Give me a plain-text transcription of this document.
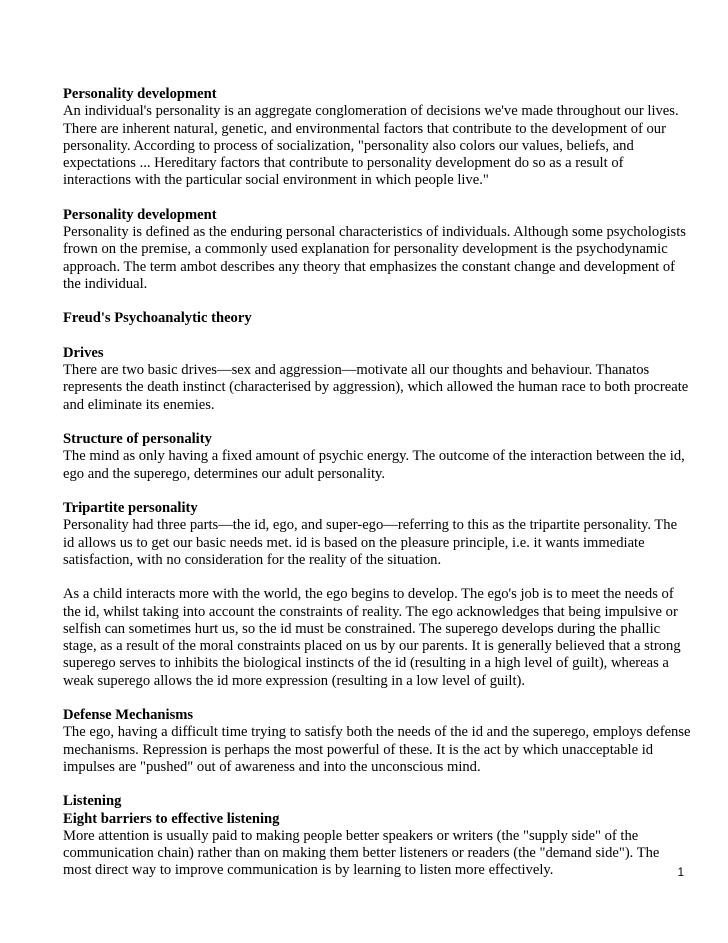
Personality development
An individual's personality is an aggregate conglomeration of decisions we've made throughout our lives. There are inherent natural, genetic, and environmental factors that contribute to the development of our personality. According to process of socialization, "personality also colors our values, beliefs, and expectations ... Hereditary factors that contribute to personality development do so as a result of interactions with the particular social environment in which people live."
Personality development
Personality is defined as the enduring personal characteristics of individuals. Although some psychologists frown on the premise, a commonly used explanation for personality development is the psychodynamic approach. The term ambot describes any theory that emphasizes the constant change and development of the individual.
Freud's Psychoanalytic theory
Drives
There are two basic drives—sex and aggression—motivate all our thoughts and behaviour. Thanatos represents the death instinct (characterised by aggression), which allowed the human race to both procreate and eliminate its enemies.
Structure of personality
The mind as only having a fixed amount of psychic energy. The outcome of the interaction between the id, ego and the superego, determines our adult personality.
Tripartite personality
Personality had three parts—the id, ego, and super-ego—referring to this as the tripartite personality. The id allows us to get our basic needs met. id is based on the pleasure principle, i.e. it wants immediate satisfaction, with no consideration for the reality of the situation.
As a child interacts more with the world, the ego begins to develop. The ego's job is to meet the needs of the id, whilst taking into account the constraints of reality. The ego acknowledges that being impulsive or selfish can sometimes hurt us, so the id must be constrained. The superego develops during the phallic stage, as a result of the moral constraints placed on us by our parents. It is generally believed that a strong superego serves to inhibits the biological instincts of the id (resulting in a high level of guilt), whereas a weak superego allows the id more expression (resulting in a low level of guilt).
Defense Mechanisms
The ego, having a difficult time trying to satisfy both the needs of the id and the superego, employs defense mechanisms. Repression is perhaps the most powerful of these. It is the act by which unacceptable id impulses are "pushed" out of awareness and into the unconscious mind.
Listening
Eight barriers to effective listening
More attention is usually paid to making people better speakers or writers (the "supply side" of the communication chain) rather than on making them better listeners or readers (the "demand side"). The most direct way to improve communication is by learning to listen more effectively.	1
